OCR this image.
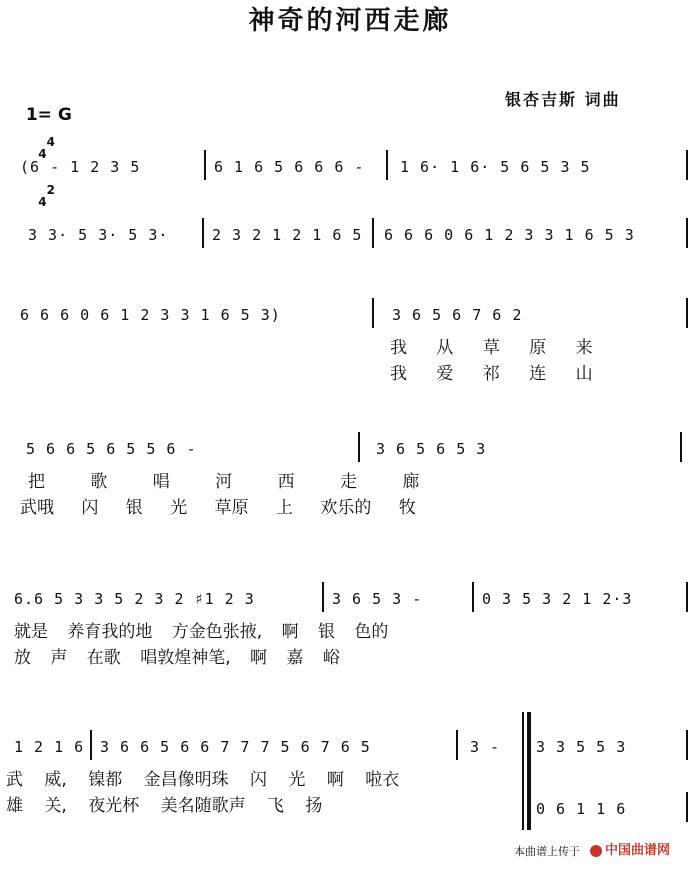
神奇的河西走廊

1= G

4
4

2
4

银杏吉斯 词曲
(6 - 1 2 3 5	6 1 6 5 6 6 6 - 1 6· 1 6· 5 6 5 3 5
3 3· 5 3· 5 3·	2 3 2 1 2 1 6 5 6 6 6 0 6 1 2 3 3 1 6 5 3
6 6 6 0 6 1 2 3 3 1 6 5 3)	3 6 5 6 7 6 2
我 从 草 原 来
我 爱 祁 连 山
5 6 6 5 6 5 5 6 -	3 6 5 6 5 3
把 歌 唱 河 西 走 廊
武哦 闪 银 光 草原 上 欢乐的 牧
6.6 5 3 3 5 2 3 2 ♯1 2 3	3 6 5 3 -	0 3 5 3 2 1 2·3
就是 养育我的地 方金色张掖, 啊 银 色的
放 声 在歌 唱敦煌神笔, 啊 嘉 峪
1 2 1 6 3 6 6 5 6 6 7 7 7 5 6 7 6 5	3 - 3 3 5 5 3
0 6 1 1 6
武 威, 镍都 金昌像明珠 闪 光 啊 啦衣
雄 关, 夜光杯 美名随歌声 飞 扬
本曲谱上传于 中国曲谱网
